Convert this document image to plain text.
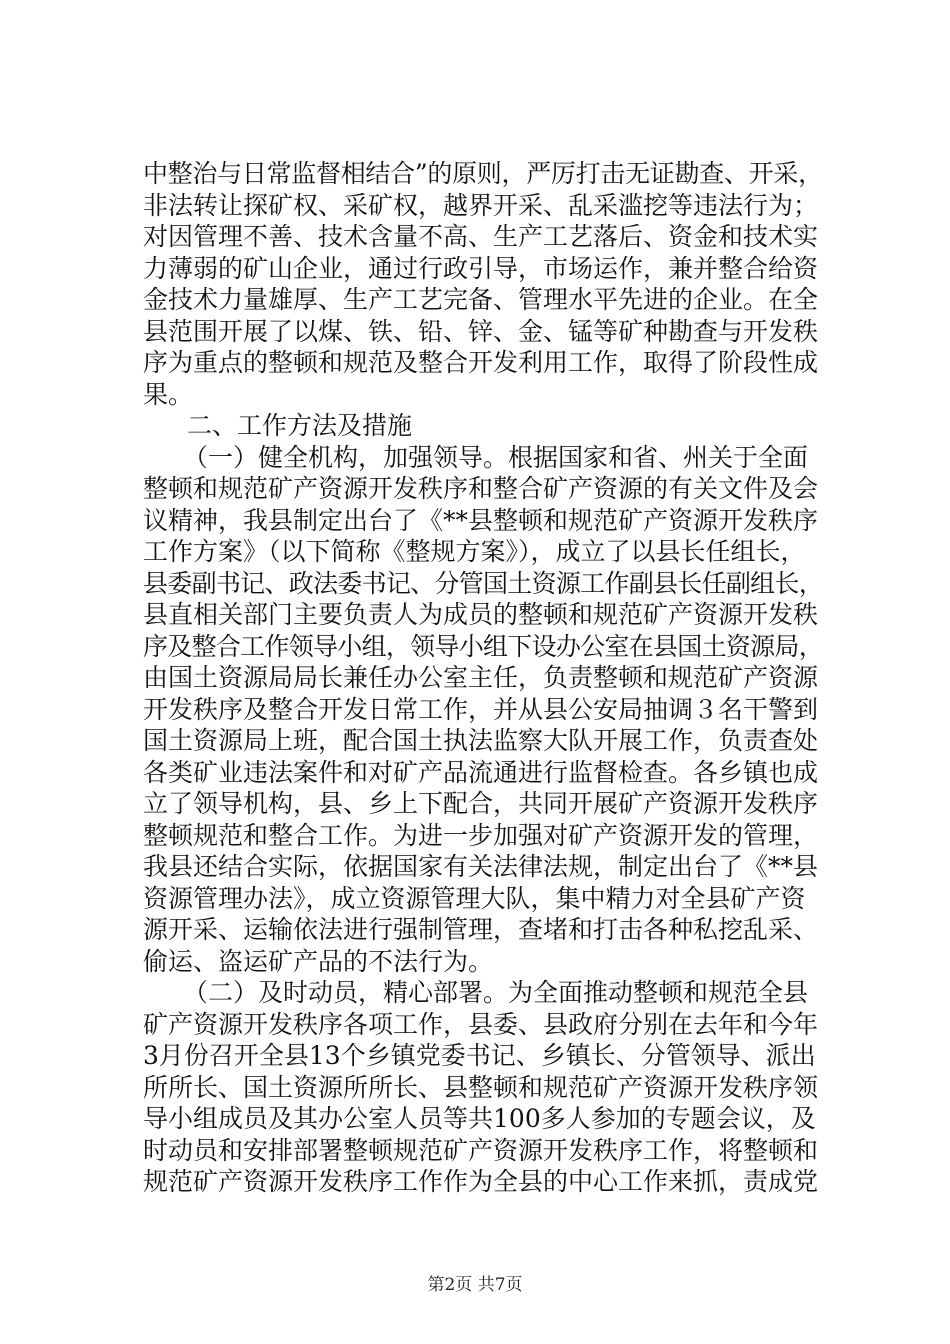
中整治与日常监督相结合”的原则，严厉打击无证勘查、开采，
非法转让探矿权、采矿权，越界开采、乱采滥挖等违法行为；
对因管理不善、技术含量不高、生产工艺落后、资金和技术实
力薄弱的矿山企业，通过行政引导，市场运作，兼并整合给资
金技术力量雄厚、生产工艺完备、管理水平先进的企业。在全
县范围开展了以煤、铁、铅、锌、金、锰等矿种勘查与开发秩
序为重点的整顿和规范及整合开发利用工作，取得了阶段性成
果。
二、工作方法及措施
（一）健全机构，加强领导。根据国家和省、州关于全面
整顿和规范矿产资源开发秩序和整合矿产资源的有关文件及会
议精神，我县制定出台了《**县整顿和规范矿产资源开发秩序
工作方案》（以下简称《整规方案》），成立了以县长任组长，
县委副书记、政法委书记、分管国土资源工作副县长任副组长，
县直相关部门主要负责人为成员的整顿和规范矿产资源开发秩
序及整合工作领导小组，领导小组下设办公室在县国土资源局，
由国土资源局局长兼任办公室主任，负责整顿和规范矿产资源
开发秩序及整合开发日常工作，并从县公安局抽调３名干警到
国土资源局上班，配合国土执法监察大队开展工作，负责查处
各类矿业违法案件和对矿产品流通进行监督检查。各乡镇也成
立了领导机构，县、乡上下配合，共同开展矿产资源开发秩序
整顿规范和整合工作。为进一步加强对矿产资源开发的管理，
我县还结合实际，依据国家有关法律法规，制定出台了《**县
资源管理办法》，成立资源管理大队，集中精力对全县矿产资
源开采、运输依法进行强制管理，查堵和打击各种私挖乱采、
偷运、盗运矿产品的不法行为。
（二）及时动员，精心部署。为全面推动整顿和规范全县
矿产资源开发秩序各项工作，县委、县政府分别在去年和今年
3月份召开全县13个乡镇党委书记、乡镇长、分管领导、派出
所所长、国土资源所所长、县整顿和规范矿产资源开发秩序领
导小组成员及其办公室人员等共100多人参加的专题会议，及
时动员和安排部署整顿规范矿产资源开发秩序工作，将整顿和
规范矿产资源开发秩序工作作为全县的中心工作来抓，责成党
第2页 共7页
